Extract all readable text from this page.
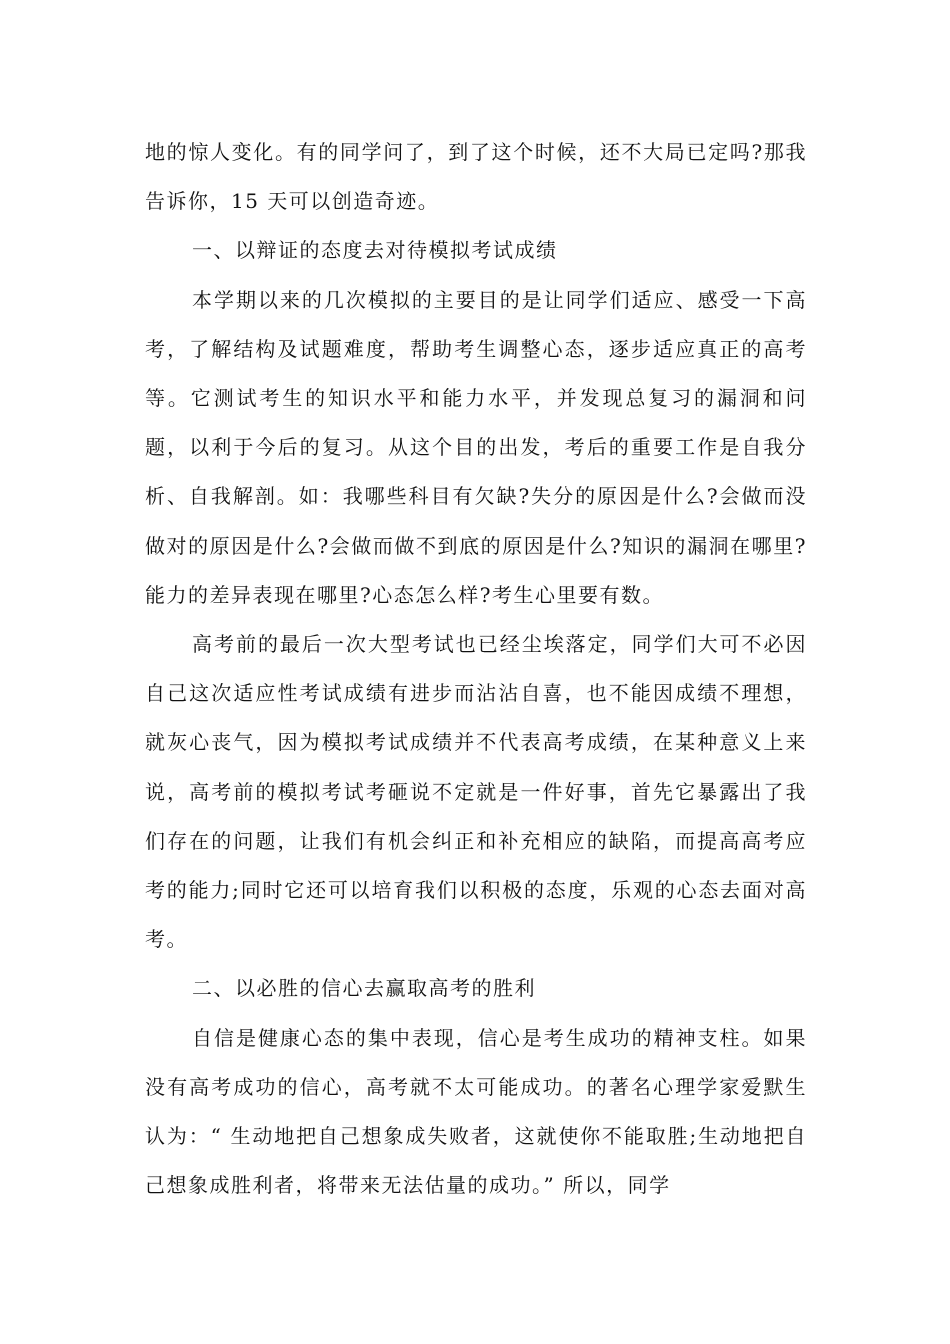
地的惊人变化。有的同学问了，到了这个时候，还不大局已定吗?那我告诉你，15 天可以创造奇迹。

一、以辩证的态度去对待模拟考试成绩

本学期以来的几次模拟的主要目的是让同学们适应、感受一下高考，了解结构及试题难度，帮助考生调整心态，逐步适应真正的高考等。它测试考生的知识水平和能力水平，并发现总复习的漏洞和问题，以利于今后的复习。从这个目的出发，考后的重要工作是自我分析、自我解剖。如：我哪些科目有欠缺?失分的原因是什么?会做而没做对的原因是什么?会做而做不到底的原因是什么?知识的漏洞在哪里?能力的差异表现在哪里?心态怎么样?考生心里要有数。

高考前的最后一次大型考试也已经尘埃落定，同学们大可不必因自己这次适应性考试成绩有进步而沾沾自喜，也不能因成绩不理想，就灰心丧气，因为模拟考试成绩并不代表高考成绩，在某种意义上来说，高考前的模拟考试考砸说不定就是一件好事，首先它暴露出了我们存在的问题，让我们有机会纠正和补充相应的缺陷，而提高高考应考的能力;同时它还可以培育我们以积极的态度，乐观的心态去面对高考。

二、以必胜的信心去赢取高考的胜利

自信是健康心态的集中表现，信心是考生成功的精神支柱。如果没有高考成功的信心，高考就不太可能成功。的著名心理学家爱默生认为：“ 生动地把自己想象成失败者，这就使你不能取胜;生动地把自己想象成胜利者，将带来无法估量的成功。” 所以，同学
